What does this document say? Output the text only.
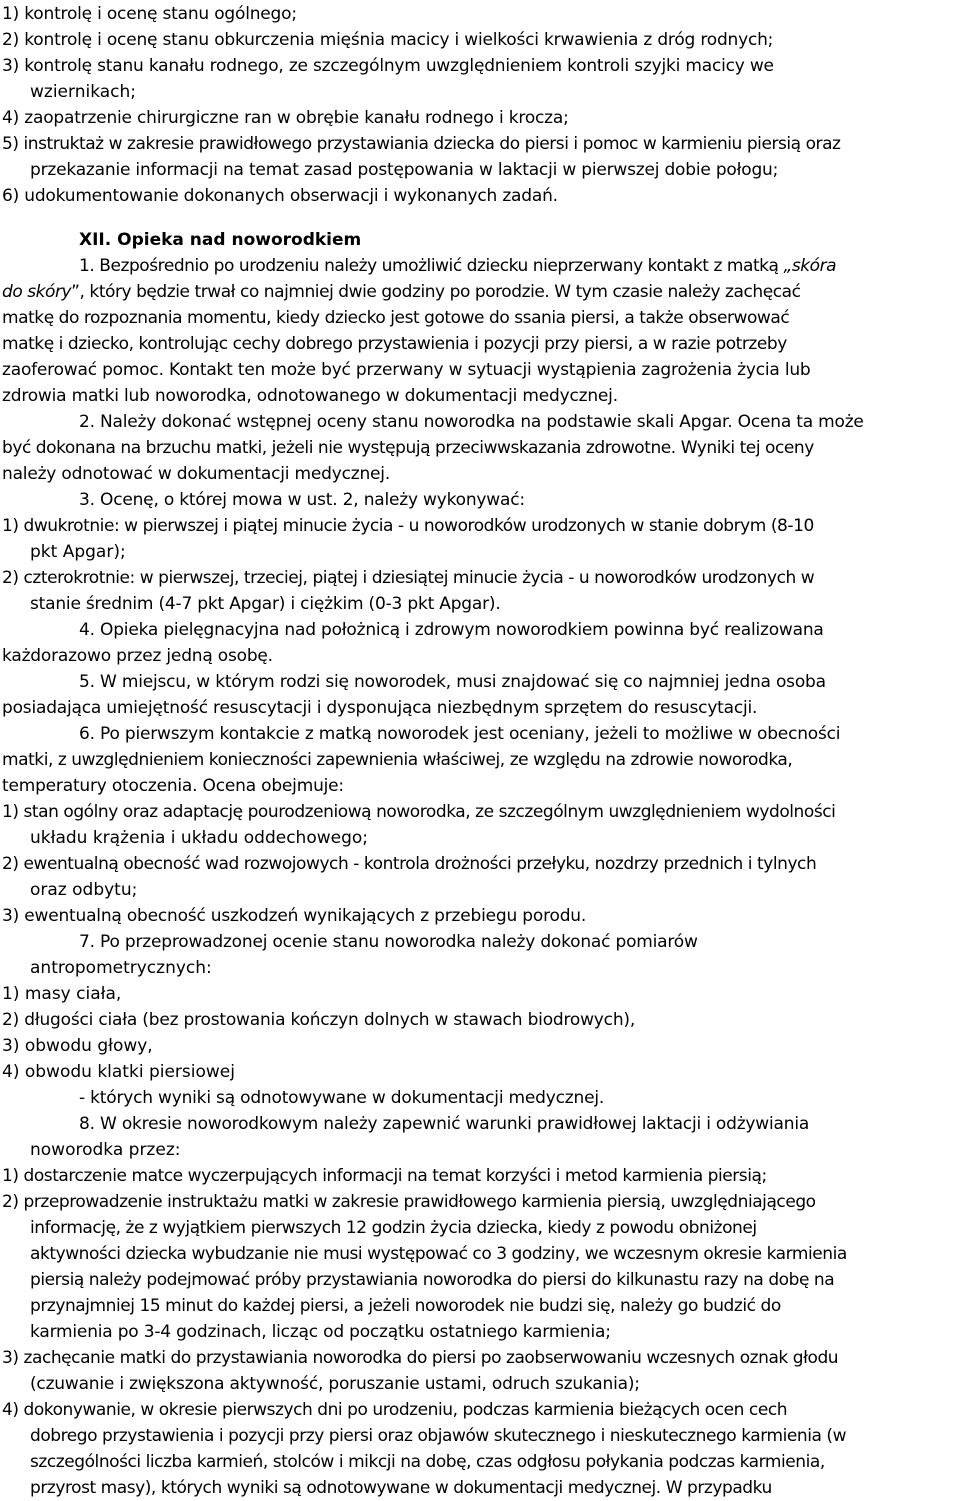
1) kontrolę i ocenę stanu ogólnego;
2) kontrolę i ocenę stanu obkurczenia mięśnia macicy i wielkości krwawienia z dróg rodnych;
3) kontrolę stanu kanału rodnego, ze szczególnym uwzględnieniem kontroli szyjki macicy we
wziernikach;
4) zaopatrzenie chirurgiczne ran w obrębie kanału rodnego i krocza;
5) instruktaż w zakresie prawidłowego przystawiania dziecka do piersi i pomoc w karmieniu piersią oraz
przekazanie informacji na temat zasad postępowania w laktacji w pierwszej dobie połogu;
6) udokumentowanie dokonanych obserwacji i wykonanych zadań.
XII. Opieka nad noworodkiem
1. Bezpośrednio po urodzeniu należy umożliwić dziecku nieprzerwany kontakt z matką „skóra
do skóry”, który będzie trwał co najmniej dwie godziny po porodzie. W tym czasie należy zachęcać
matkę do rozpoznania momentu, kiedy dziecko jest gotowe do ssania piersi, a także obserwować
matkę i dziecko, kontrolując cechy dobrego przystawienia i pozycji przy piersi, a w razie potrzeby
zaoferować pomoc. Kontakt ten może być przerwany w sytuacji wystąpienia zagrożenia życia lub
zdrowia matki lub noworodka, odnotowanego w dokumentacji medycznej.
2. Należy dokonać wstępnej oceny stanu noworodka na podstawie skali Apgar. Ocena ta może
być dokonana na brzuchu matki, jeżeli nie występują przeciwwskazania zdrowotne. Wyniki tej oceny
należy odnotować w dokumentacji medycznej.
3. Ocenę, o której mowa w ust. 2, należy wykonywać:
1) dwukrotnie: w pierwszej i piątej minucie życia - u noworodków urodzonych w stanie dobrym (8-10
pkt Apgar);
2) czterokrotnie: w pierwszej, trzeciej, piątej i dziesiątej minucie życia - u noworodków urodzonych w
stanie średnim (4-7 pkt Apgar) i ciężkim (0-3 pkt Apgar).
4. Opieka pielęgnacyjna nad położnicą i zdrowym noworodkiem powinna być realizowana
każdorazowo przez jedną osobę.
5. W miejscu, w którym rodzi się noworodek, musi znajdować się co najmniej jedna osoba
posiadająca umiejętność resuscytacji i dysponująca niezbędnym sprzętem do resuscytacji.
6. Po pierwszym kontakcie z matką noworodek jest oceniany, jeżeli to możliwe w obecności
matki, z uwzględnieniem konieczności zapewnienia właściwej, ze względu na zdrowie noworodka,
temperatury otoczenia. Ocena obejmuje:
1) stan ogólny oraz adaptację pourodzeniową noworodka, ze szczególnym uwzględnieniem wydolności
układu krążenia i układu oddechowego;
2) ewentualną obecność wad rozwojowych - kontrola drożności przełyku, nozdrzy przednich i tylnych
oraz odbytu;
3) ewentualną obecność uszkodzeń wynikających z przebiegu porodu.
7. Po przeprowadzonej ocenie stanu noworodka należy dokonać pomiarów
antropometrycznych:
1) masy ciała,
2) długości ciała (bez prostowania kończyn dolnych w stawach biodrowych),
3) obwodu głowy,
4) obwodu klatki piersiowej
- których wyniki są odnotowywane w dokumentacji medycznej.
8. W okresie noworodkowym należy zapewnić warunki prawidłowej laktacji i odżywiania
noworodka przez:
1) dostarczenie matce wyczerpujących informacji na temat korzyści i metod karmienia piersią;
2) przeprowadzenie instruktażu matki w zakresie prawidłowego karmienia piersią, uwzględniającego
informację, że z wyjątkiem pierwszych 12 godzin życia dziecka, kiedy z powodu obniżonej
aktywności dziecka wybudzanie nie musi występować co 3 godziny, we wczesnym okresie karmienia
piersią należy podejmować próby przystawiania noworodka do piersi do kilkunastu razy na dobę na
przynajmniej 15 minut do każdej piersi, a jeżeli noworodek nie budzi się, należy go budzić do
karmienia po 3-4 godzinach, licząc od początku ostatniego karmienia;
3) zachęcanie matki do przystawiania noworodka do piersi po zaobserwowaniu wczesnych oznak głodu
(czuwanie i zwiększona aktywność, poruszanie ustami, odruch szukania);
4) dokonywanie, w okresie pierwszych dni po urodzeniu, podczas karmienia bieżących ocen cech
dobrego przystawienia i pozycji przy piersi oraz objawów skutecznego i nieskutecznego karmienia (w
szczególności liczba karmień, stolców i mikcji na dobę, czas odgłosu połykania podczas karmienia,
przyrost masy), których wyniki są odnotowywane w dokumentacji medycznej. W przypadku
